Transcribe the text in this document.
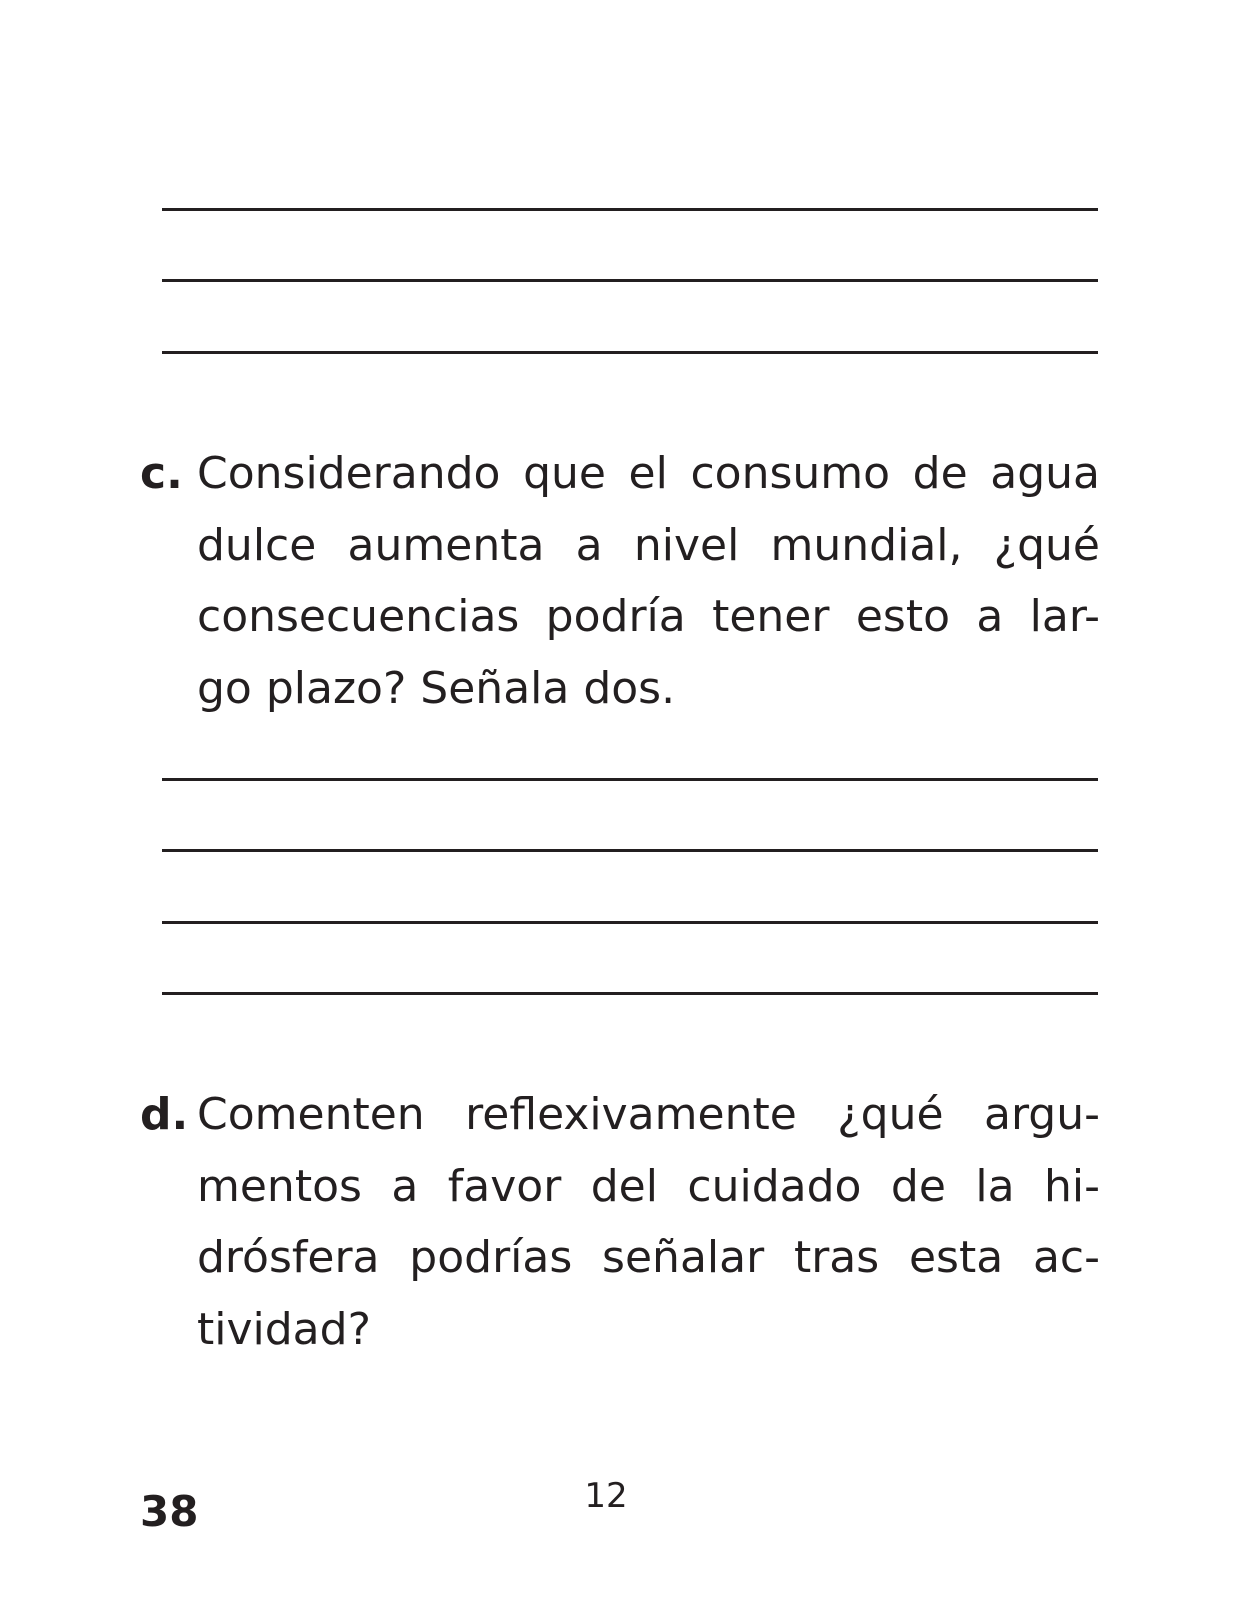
c. Considerando que el consumo de agua
dulce aumenta a nivel mundial, ¿qué
consecuencias podría tener esto a lar-
go plazo? Señala dos.
d. Comenten reflexivamente ¿qué argu-
mentos a favor del cuidado de la hi-
drósfera podrías señalar tras esta ac-
tividad?
38	12
